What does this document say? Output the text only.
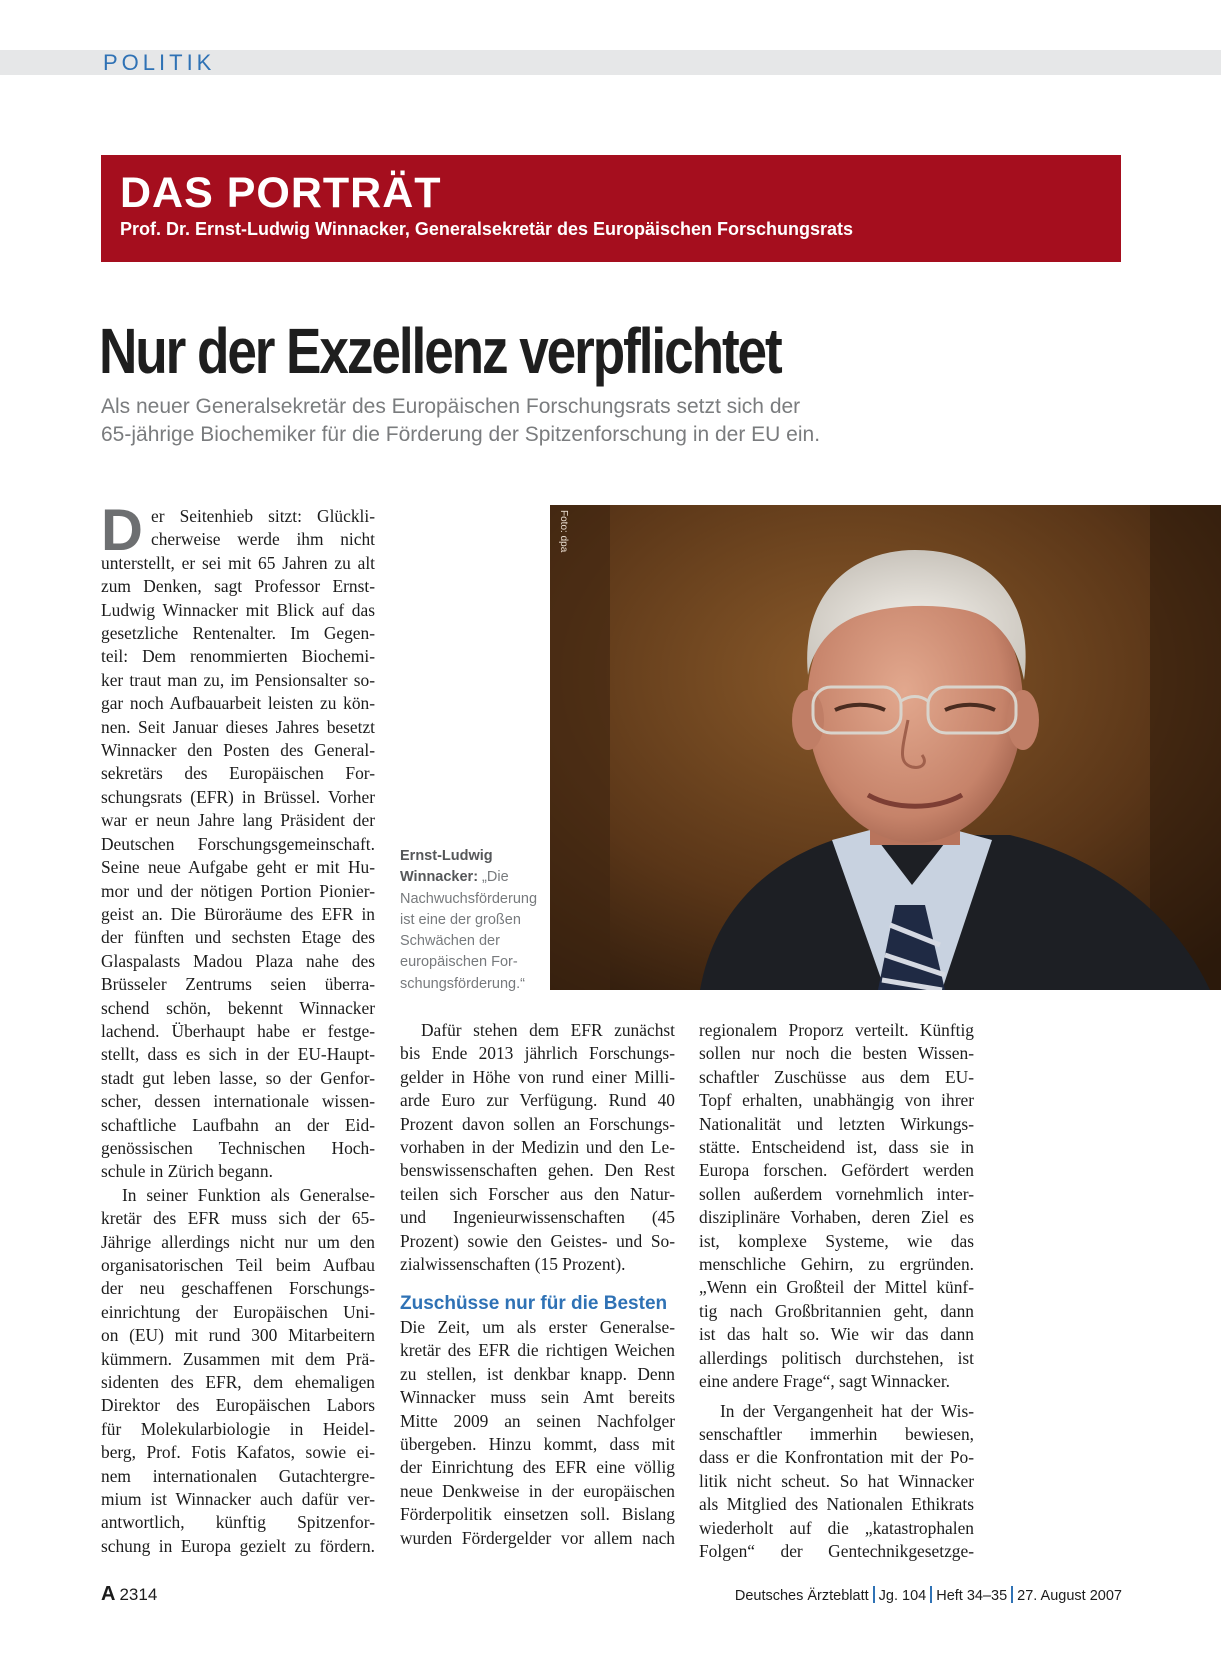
POLITIK
DAS PORTRÄT
Prof. Dr. Ernst-Ludwig Winnacker, Generalsekretär des Europäischen Forschungsrats
Nur der Exzellenz verpflichtet
Als neuer Generalsekretär des Europäischen Forschungsrats setzt sich der
65-jährige Biochemiker für die Förderung der Spitzenforschung in der EU ein.
D er Seitenhieb sitzt: Glückli-
cherweise werde ihm nicht
unterstellt, er sei mit 65 Jahren zu alt
zum Denken, sagt Professor Ernst-
Ludwig Winnacker mit Blick auf das
gesetzliche Rentenalter. Im Gegen-
teil: Dem renommierten Biochemi-
ker traut man zu, im Pensionsalter so-
gar noch Aufbauarbeit leisten zu kön-
nen. Seit Januar dieses Jahres besetzt
Winnacker den Posten des General-
sekretärs des Europäischen For-
schungsrats (EFR) in Brüssel. Vorher
war er neun Jahre lang Präsident der
Deutschen Forschungsgemeinschaft.
Seine neue Aufgabe geht er mit Hu-
mor und der nötigen Portion Pionier-
geist an. Die Büroräume des EFR in
der fünften und sechsten Etage des
Glaspalasts Madou Plaza nahe des
Brüsseler Zentrums seien überra-
schend schön, bekennt Winnacker
lachend. Überhaupt habe er festge-
stellt, dass es sich in der EU-Haupt-
stadt gut leben lasse, so der Genfor-
scher, dessen internationale wissen-
schaftliche Laufbahn an der Eid-
genössischen Technischen Hoch-
schule in Zürich begann.
In seiner Funktion als Generalse-
kretär des EFR muss sich der 65-
Jährige allerdings nicht nur um den
organisatorischen Teil beim Aufbau
der neu geschaffenen Forschungs-
einrichtung der Europäischen Uni-
on (EU) mit rund 300 Mitarbeitern
kümmern. Zusammen mit dem Prä-
sidenten des EFR, dem ehemaligen
Direktor des Europäischen Labors
für Molekularbiologie in Heidel-
berg, Prof. Fotis Kafatos, sowie ei-
nem internationalen Gutachtergre-
mium ist Winnacker auch dafür ver-
antwortlich, künftig Spitzenfor-
schung in Europa gezielt zu fördern.
Foto: dpa
Ernst-Ludwig
Winnacker: „Die
Nachwuchsförderung
ist eine der großen
Schwächen der
europäischen For-
schungsförderung.“
Dafür stehen dem EFR zunächst
bis Ende 2013 jährlich Forschungs-
gelder in Höhe von rund einer Milli-
arde Euro zur Verfügung. Rund 40
Prozent davon sollen an Forschungs-
vorhaben in der Medizin und den Le-
benswissenschaften gehen. Den Rest
teilen sich Forscher aus den Natur-
und Ingenieurwissenschaften (45
Prozent) sowie den Geistes- und So-
zialwissenschaften (15 Prozent).
Zuschüsse nur für die Besten
Die Zeit, um als erster Generalse-
kretär des EFR die richtigen Weichen
zu stellen, ist denkbar knapp. Denn
Winnacker muss sein Amt bereits
Mitte 2009 an seinen Nachfolger
übergeben. Hinzu kommt, dass mit
der Einrichtung des EFR eine völlig
neue Denkweise in der europäischen
Förderpolitik einsetzen soll. Bislang
wurden Fördergelder vor allem nach
regionalem Proporz verteilt. Künftig
sollen nur noch die besten Wissen-
schaftler Zuschüsse aus dem EU-
Topf erhalten, unabhängig von ihrer
Nationalität und letzten Wirkungs-
stätte. Entscheidend ist, dass sie in
Europa forschen. Gefördert werden
sollen außerdem vornehmlich inter-
disziplinäre Vorhaben, deren Ziel es
ist, komplexe Systeme, wie das
menschliche Gehirn, zu ergründen.
„Wenn ein Großteil der Mittel künf-
tig nach Großbritannien geht, dann
ist das halt so. Wie wir das dann
allerdings politisch durchstehen, ist
eine andere Frage“, sagt Winnacker.
In der Vergangenheit hat der Wis-
senschaftler immerhin bewiesen,
dass er die Konfrontation mit der Po-
litik nicht scheut. So hat Winnacker
als Mitglied des Nationalen Ethikrats
wiederholt auf die „katastrophalen
Folgen“ der Gentechnikgesetzge-
A 2314	Deutsches Ärzteblatt Jg. 104 Heft 34–35 27. August 2007
